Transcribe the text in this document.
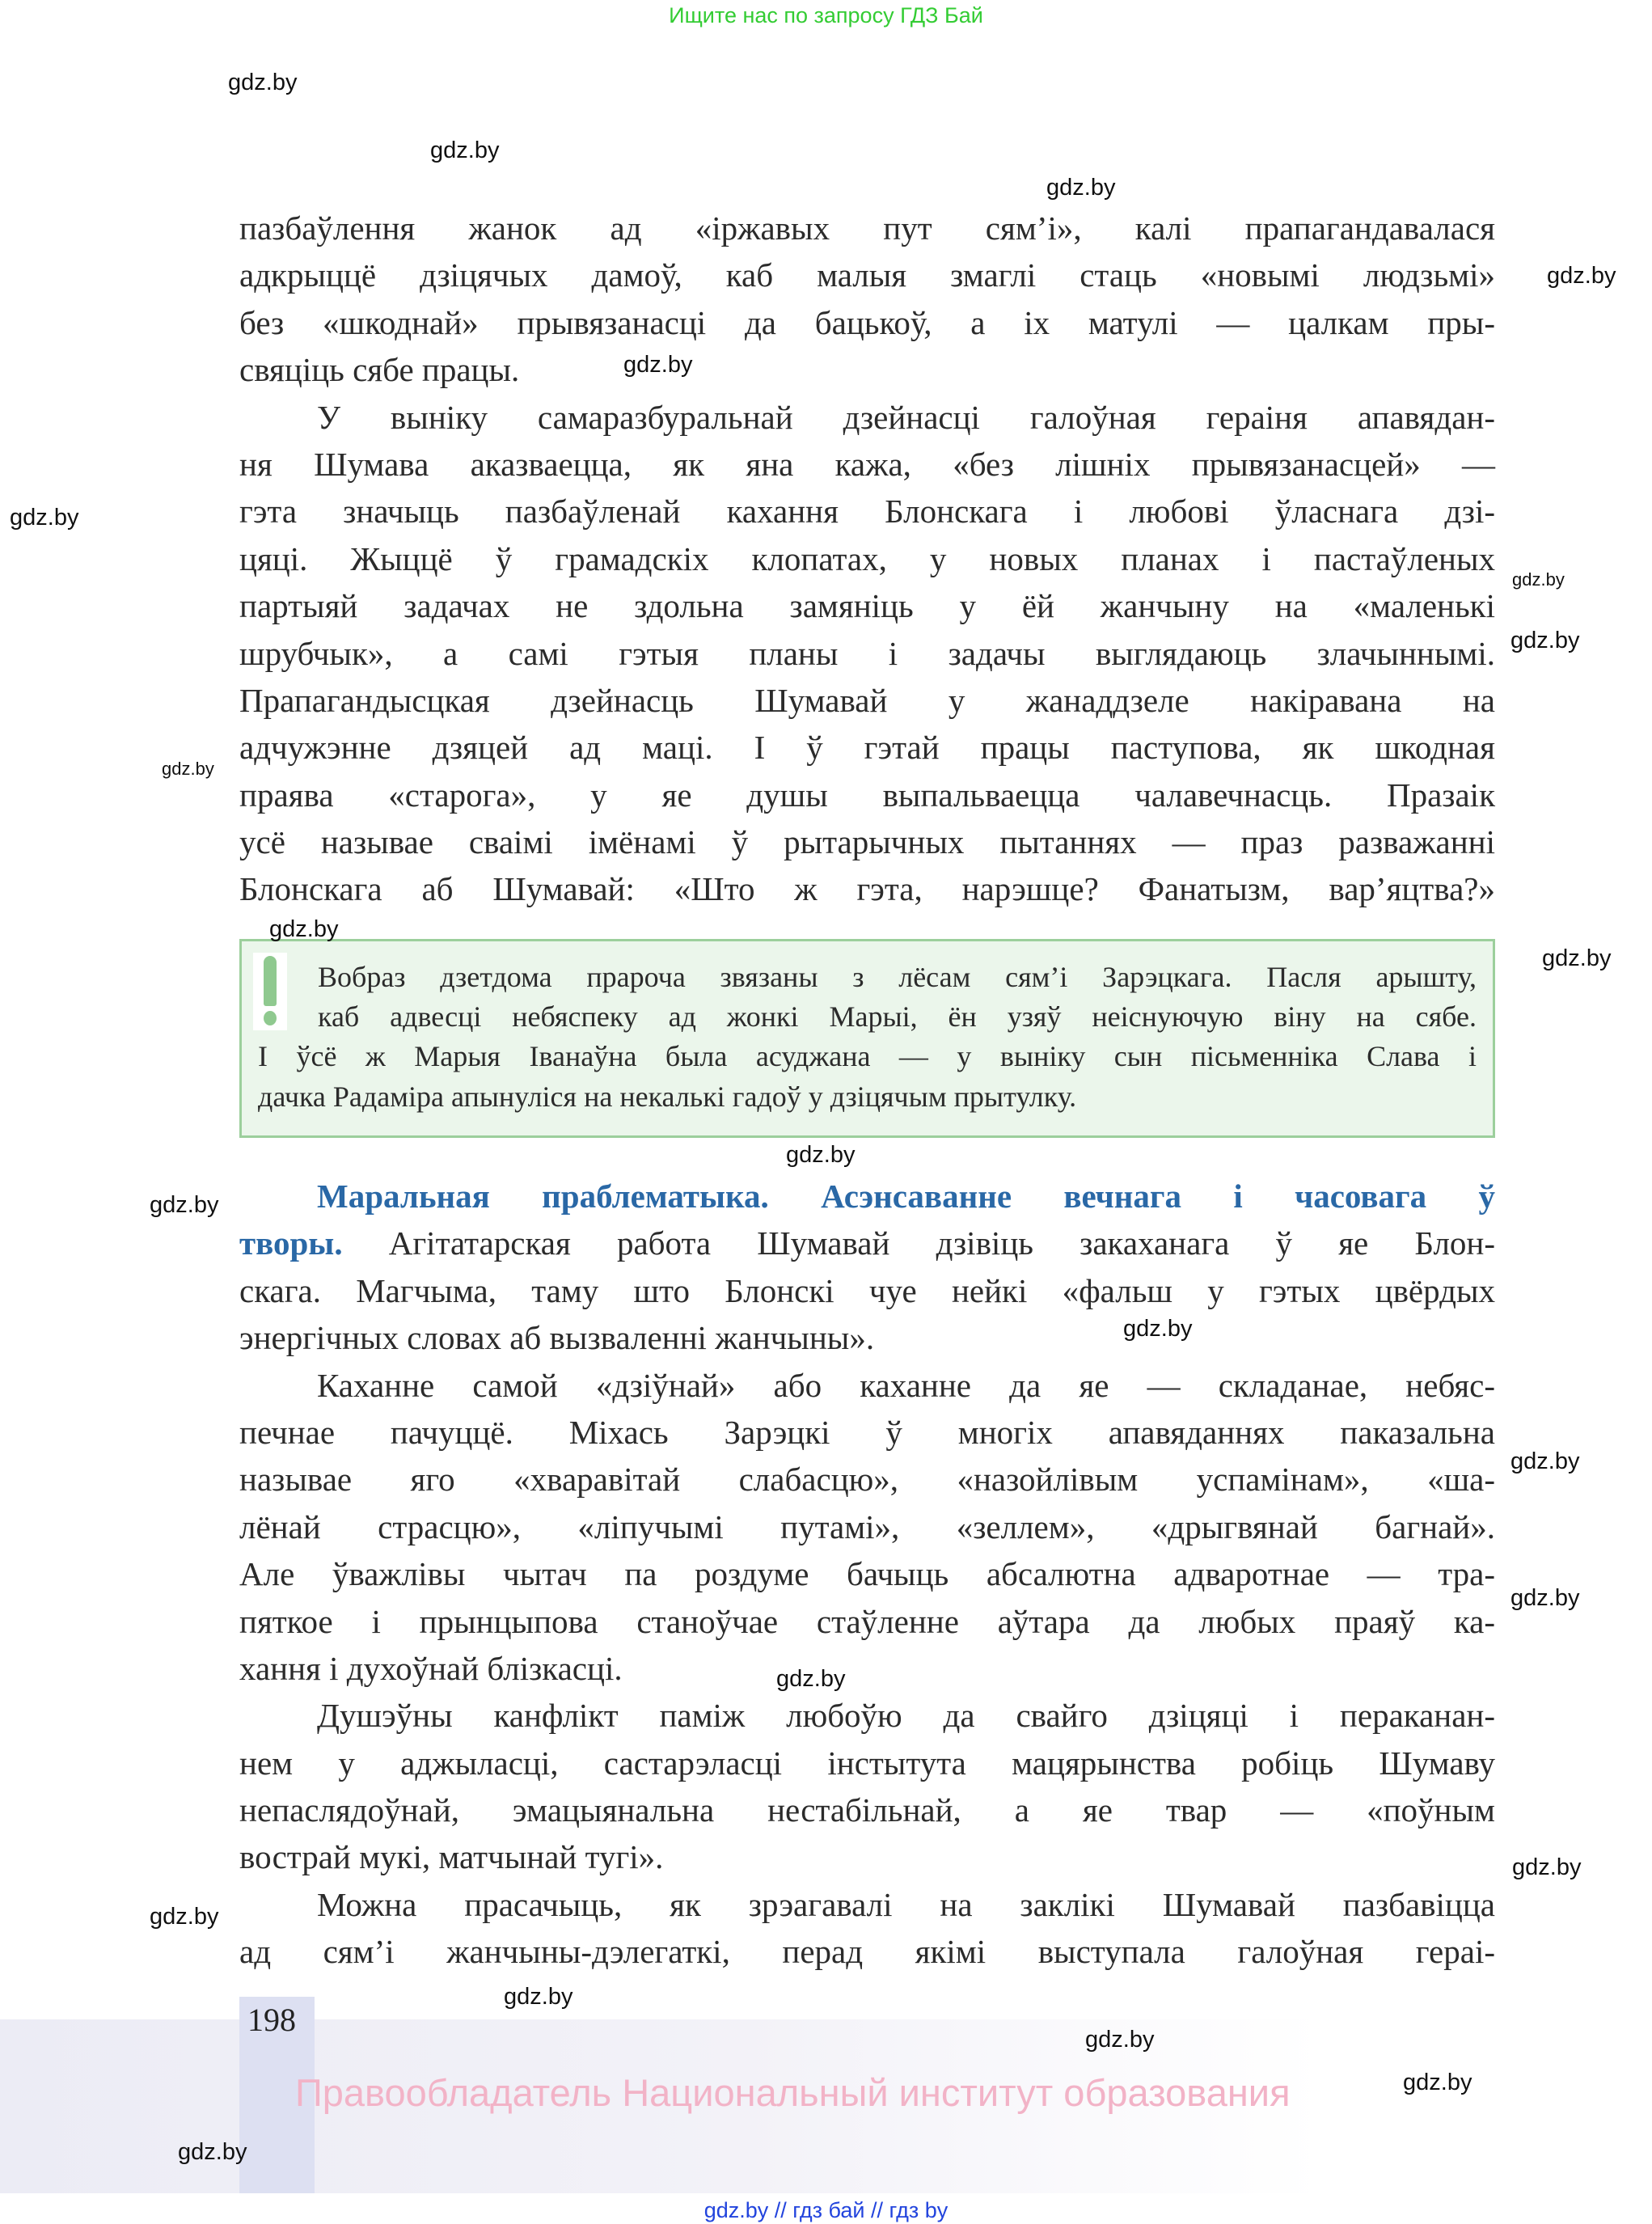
Ищите нас по запросу ГДЗ Бай
пазбаўлення жанок ад «іржавых пут сям’і», калі прапагандавалася
адкрыццё дзіцячых дамоў, каб малыя змаглі стаць «новымі людзьмі»
без «шкоднай» прывязанасці да бацькоў, а іх матулі — цалкам пры-
свяціць сябе працы.
У выніку самаразбуральнай дзейнасці галоўная гераіня апавядан-
ня Шумава аказваецца, як яна кажа, «без лішніх прывязанасцей» —
гэта значыць пазбаўленай кахання Блонскага і любові ўласнага дзі-
цяці. Жыццё ў грамадскіх клопатах, у новых планах і пастаўленых
партыяй задачах не здольна замяніць у ёй жанчыну на «маленькі
шрубчык», а самі гэтыя планы і задачы выглядаюць злачыннымі.
Прапагандысцкая дзейнасць Шумавай у жанаддзеле накіравана на
адчужэнне дзяцей ад маці. І ў гэтай працы паступова, як шкодная
праява «старога», у яе душы выпальваецца чалавечнасць. Празаік
усё называе сваімі імёнамі ў рытарычных пытаннях — праз разважанні
Блонскага аб Шумавай: «Што ж гэта, нарэшце? Фанатызм, вар’яцтва?»
Вобраз дзетдома прароча звязаны з лёсам сям’і Зарэцкага. Пасля арышту,
каб адвесці небяспеку ад жонкі Марыі, ён узяў неіснуючую віну на сябе.
І ўсё ж Марыя Іванаўна была асуджана — у выніку сын пісьменніка Слава і
дачка Радаміра апынуліся на некалькі гадоў у дзіцячым прытулку.
Маральная праблематыка. Асэнсаванне вечнага і часовага ў
творы. Агітатарская работа Шумавай дзівіць закаханага ў яе Блон-
скага. Магчыма, таму што Блонскі чуе нейкі «фальш у гэтых цвёрдых
энергічных словах аб вызваленні жанчыны».
Каханне самой «дзіўнай» або каханне да яе — складанае, небяс-
печнае пачуццё. Міхась Зарэцкі ў многіх апавяданнях паказальна
называе яго «хваравітай слабасцю», «назойлівым успамінам», «ша-
лёнай страсцю», «ліпучымі путамі», «зеллем», «дрыгвянай багнай».
Але ўважлівы чытач па роздуме бачыць абсалютна адваротнае — тра-
пяткое і прынцыпова станоўчае стаўленне аўтара да любых праяў ка-
хання і духоўнай блізкасці.
Душэўны канфлікт паміж любоўю да свайго дзіцяці і пераканан-
нем у аджыласці, састарэласці інстытута мацярынства робіць Шумаву
непаслядоўнай, эмацыянальна нестабільнай, а яе твар — «поўным
вострай мукі, матчынай тугі».
Можна прасачыць, як зрэагавалі на заклікі Шумавай пазбавіцца
ад сям’і жанчыны-дэлегаткі, перад якімі выступала галоўная гераі-
198
Правообладатель Национальный институт образования
gdz.by // гдз бай // гдз by
gdz.by
gdz.by
gdz.by
gdz.by
gdz.by
gdz.by
gdz.by
gdz.by
gdz.by
gdz.by
gdz.by
gdz.by
gdz.by
gdz.by
gdz.by
gdz.by
gdz.by
gdz.by
gdz.by
gdz.by
gdz.by
gdz.by
gdz.by
